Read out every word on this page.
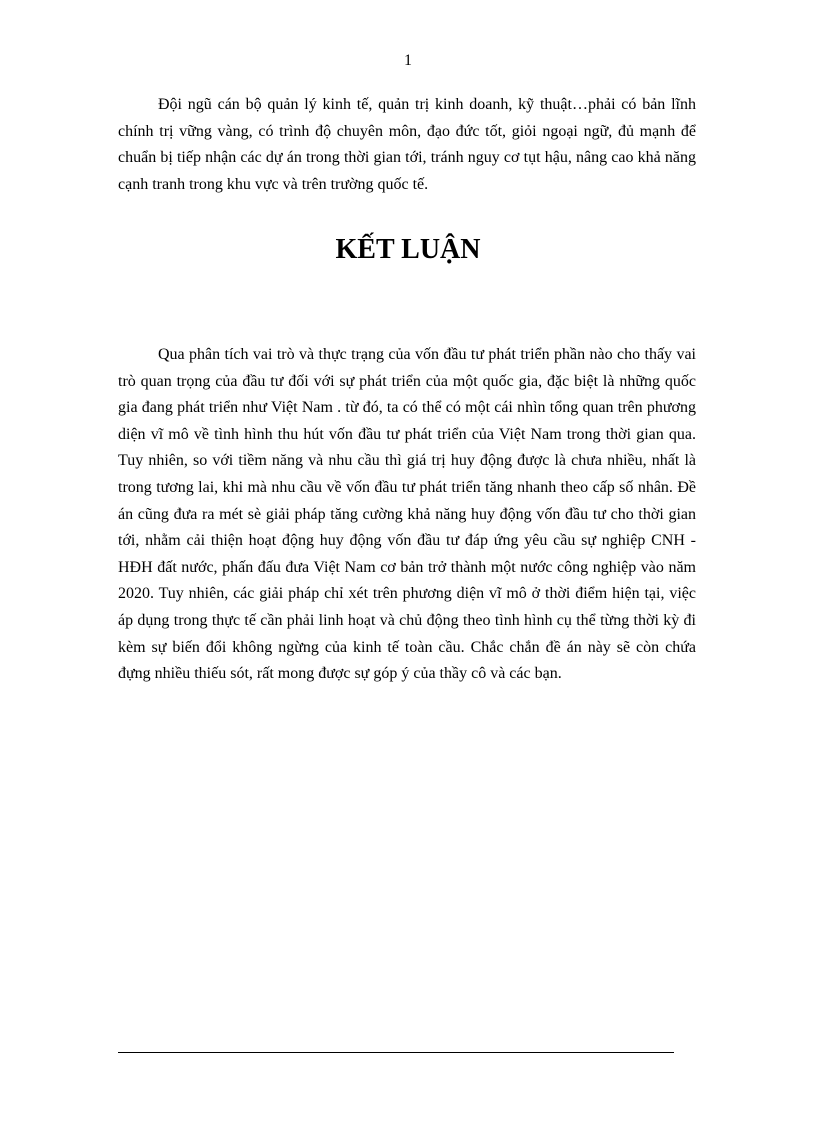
1

Đội ngũ cán bộ quản lý kinh tế, quản trị kinh doanh, kỹ thuật…phải có bản lĩnh chính trị vững vàng, có trình độ chuyên môn, đạo đức tốt, giỏi ngoại ngữ, đủ mạnh để chuẩn bị tiếp nhận các dự án trong thời gian tới, tránh nguy cơ tụt hậu, nâng cao khả năng cạnh tranh trong khu vực và trên trường quốc tế.

KẾT LUẬN

Qua phân tích vai trò và thực trạng của vốn đầu tư phát triển phần nào cho thấy vai trò quan trọng của đầu tư đối với sự phát triển của một quốc gia, đặc biệt là những quốc gia đang phát triển như Việt Nam . từ đó, ta có thể có một cái nhìn tổng quan trên phương diện vĩ mô về tình hình thu hút vốn đầu tư phát triển của Việt Nam trong thời gian qua. Tuy nhiên, so với tiềm năng và nhu cầu thì giá trị huy động được là chưa nhiều, nhất là trong tương lai, khi mà nhu cầu về vốn đầu tư phát triển tăng nhanh theo cấp số nhân. Đề án cũng đưa ra mét sè giải pháp tăng cường khả năng huy động vốn đầu tư cho thời gian tới, nhằm cải thiện hoạt động huy động vốn đầu tư đáp ứng yêu cầu sự nghiệp CNH - HĐH đất nước, phấn đấu đưa Việt Nam cơ bản trở thành một nước công nghiệp vào năm 2020. Tuy nhiên, các giải pháp chỉ xét trên phương diện vĩ mô ở thời điểm hiện tại, việc áp dụng trong thực tế cần phải linh hoạt và chủ động theo tình hình cụ thể từng thời kỳ đi kèm sự biến đổi không ngừng của kinh tế toàn cầu. Chắc chắn đề án này sẽ còn chứa đựng nhiều thiếu sót, rất mong được sự góp ý của thầy cô và các bạn.
